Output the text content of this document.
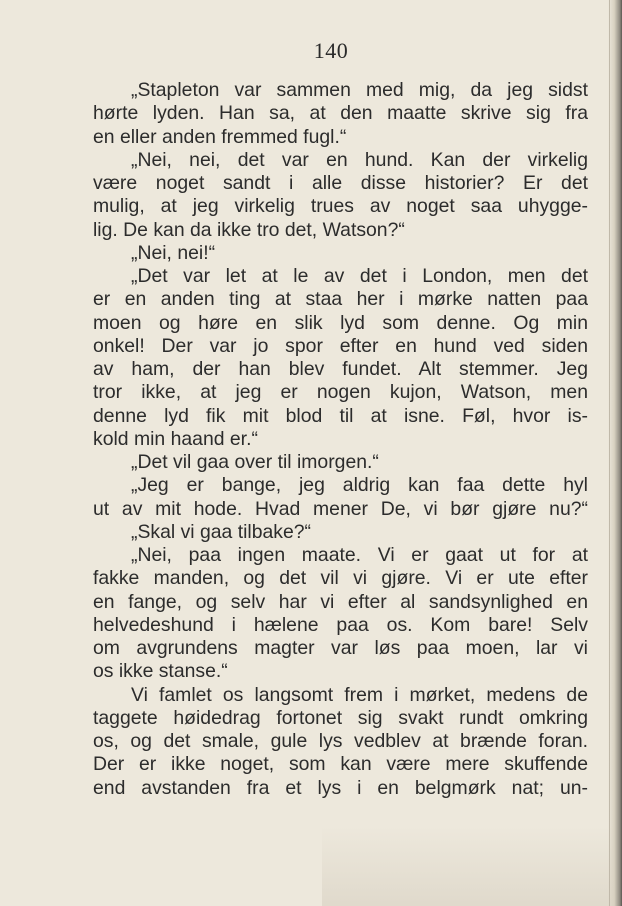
140
„Stapleton var sammen med mig, da jeg sidst
hørte lyden. Han sa, at den maatte skrive sig fra
en eller anden fremmed fugl.“
„Nei, nei, det var en hund. Kan der virkelig
være noget sandt i alle disse historier? Er det
mulig, at jeg virkelig trues av noget saa uhygge-
lig. De kan da ikke tro det, Watson?“
„Nei, nei!“
„Det var let at le av det i London, men det
er en anden ting at staa her i mørke natten paa
moen og høre en slik lyd som denne. Og min
onkel! Der var jo spor efter en hund ved siden
av ham, der han blev fundet. Alt stemmer. Jeg
tror ikke, at jeg er nogen kujon, Watson, men
denne lyd fik mit blod til at isne. Føl, hvor is-
kold min haand er.“
„Det vil gaa over til imorgen.“
„Jeg er bange, jeg aldrig kan faa dette hyl
ut av mit hode. Hvad mener De, vi bør gjøre nu?“
„Skal vi gaa tilbake?“
„Nei, paa ingen maate. Vi er gaat ut for at
fakke manden, og det vil vi gjøre. Vi er ute efter
en fange, og selv har vi efter al sandsynlighed en
helvedeshund i hælene paa os. Kom bare! Selv
om avgrundens magter var løs paa moen, lar vi
os ikke stanse.“
Vi famlet os langsomt frem i mørket, medens de
taggete høidedrag fortonet sig svakt rundt omkring
os, og det smale, gule lys vedblev at brænde foran.
Der er ikke noget, som kan være mere skuffende
end avstanden fra et lys i en belgmørk nat; un-
